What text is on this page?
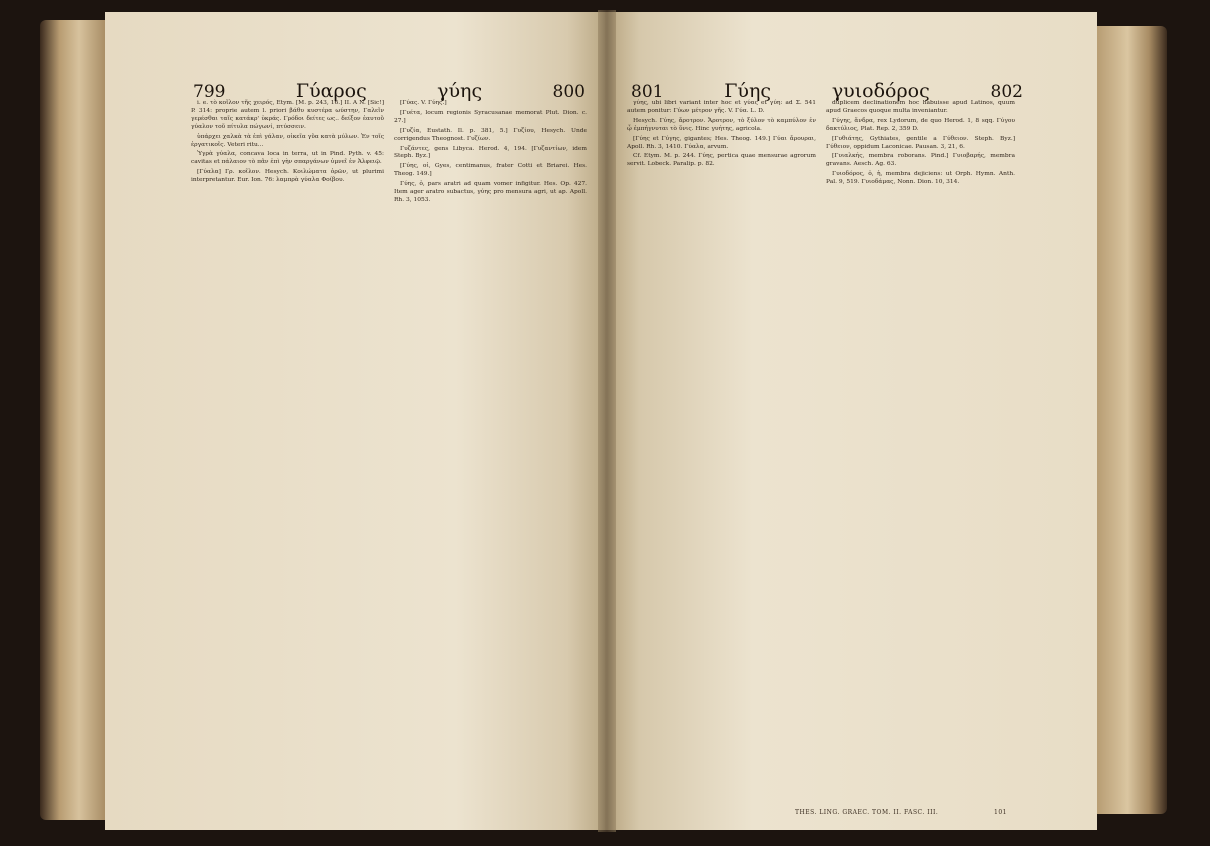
799	Γύαρος	γύης	800

i. e. τὸ κοῖλον τῆς χειρός, Etym. [M. p. 243, 16.] II. A N. [Sic!] P. 314: proprie autem l. priori βάθυ κυστέρα ωύστην, Γαλεῖν γερέσθαι ταῖς κατάκρ' ὑκράς. Γρόδοι δείτες ως.. δείξον ἑαυτοῦ γύαλον τοῦ πίτυλα πώγωνί, πτύσσειν.

ὑπάρχει χαλκὰ τὰ ἐπὶ γάλαν, οἰκεῖα γῦα κατὰ μύλων. Ἐν τοῖς ἐργατικοῖς. Veteri ritu...

Ὑγρὰ γύαλα, concava loca in terra, ut in Pind. Pyth. v. 45: cavitas et πάλαιον τὸ πᾶν ἐπὶ γὴν σπαργάνων ὑμνεῖ ἐν Ἀλφειῷ.

[Γύαλα] Γρ. κοῖλον. Hesych. Κοιλώματα ὀρῶν, ut plurimi interpretantur. Eur. Ion. 76: λαμπρὰ γύαλα Φοίβου.

[Γύας. V. Γύης.]

[Γυέτα, locum regionis Syracusanae memorat Plut. Dion. c. 27.]

[Γυζία, Eustath. Il. p. 381, 5.] Γυζίου, Hesych. Unde corrigendus Theognost. Γυζίων.

Γυζάντες, gens Libyca. Herod. 4, 194. [Γυζαντίων, idem Steph. Byz.]

[Γύης, οἱ, Gyes, centimanus, frater Cotti et Briarei. Hes. Theog. 149.]

Γύης, ὁ, pars aratri ad quam vomer infigitur. Hes. Op. 427. Item ager aratro subactus, γύης pro mensura agri, ut ap. Apoll. Rh. 3, 1053.

801	Γύης	γυιοδόρος	802

γύης, ubi libri variant inter hoc et γύας et γύη: ad Σ. 541 autem ponitur: Γύων μέτρον γῆς. V. Γύα. L. D.

Hesych. Γύης, ἄροτρον. Ἄροτρον, τὸ ξύλον τὸ καμπύλον ἐν ᾧ ἐμπήγνυται τὸ ὕνις. Hinc γυήτης, agricola.

[Γύης et Γύγης, gigantes; Hes. Theog. 149.] Γύαι ἄρουραι, Apoll. Rh. 3, 1410. Γύαλα, arvum.

Cf. Etym. M. p. 244. Γύης, pertica quae mensurae agrorum servit. Lobeck. Paralip. p. 82.

duplicem declinationem hoc habuisse apud Latinos, quum apud Graecos quoque multa inveniantur.

Γύγης, ἄνδρα, rex Lydorum, de quo Herod. 1, 8 sqq. Γύγου δακτύλιος, Plat. Rep. 2, 359 D.

[Γυθιάτης, Gythiates, gentile a Γύθειον. Steph. Byz.] Γύθειον, oppidum Laconicae. Pausan. 3, 21, 6.

[Γυιαλκής, membra roborans. Pind.] Γυιοβαρής, membra gravans. Aesch. Ag. 63.

Γυιοδόρος, ὁ, ἡ, membra dejiciens: ut Orph. Hymn. Anth. Pal. 9, 519. Γυιοδάμας, Nonn. Dion. 10, 314.

THES. LING. GRAEC. TOM. II. FASC. III.	101
